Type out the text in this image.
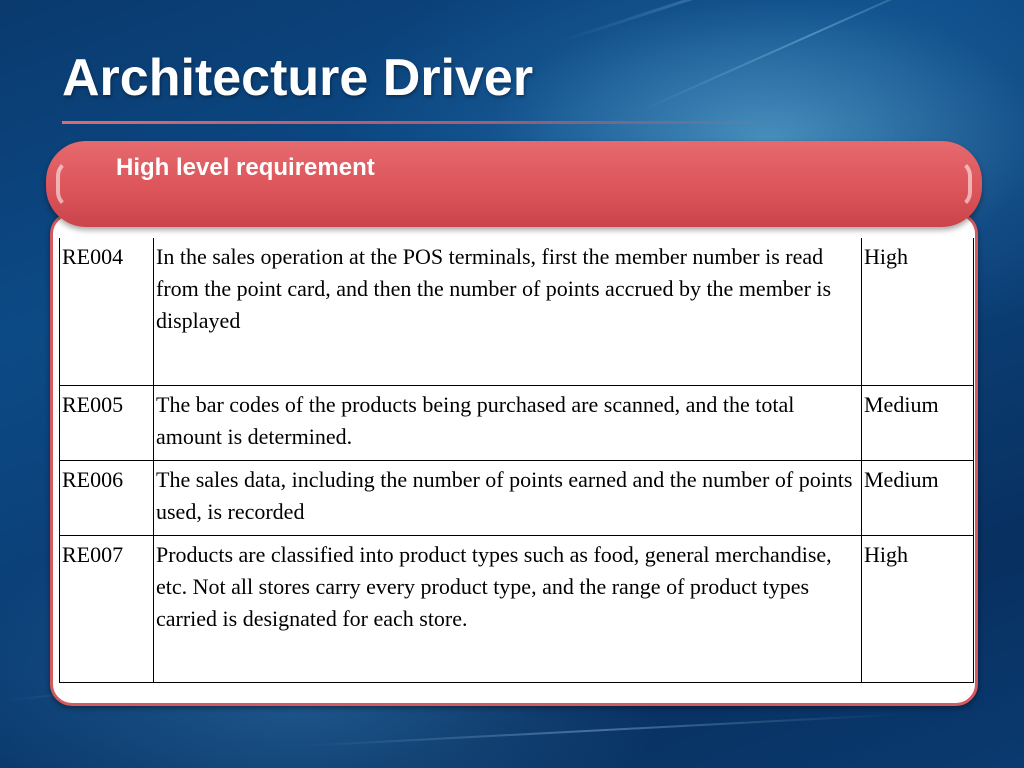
Architecture Driver
High level requirement
RE004	In the sales operation at the POS terminals, first the member number is read from the point card, and then the number of points accrued by the member is displayed	High
RE005	The bar codes of the products being purchased are scanned, and the total amount is determined.	Medium
RE006	The sales data, including the number of points earned and the number of points used, is recorded	Medium
RE007	Products are classified into product types such as food, general merchandise, etc. Not all stores carry every product type, and the range of product types carried is designated for each store.	High
